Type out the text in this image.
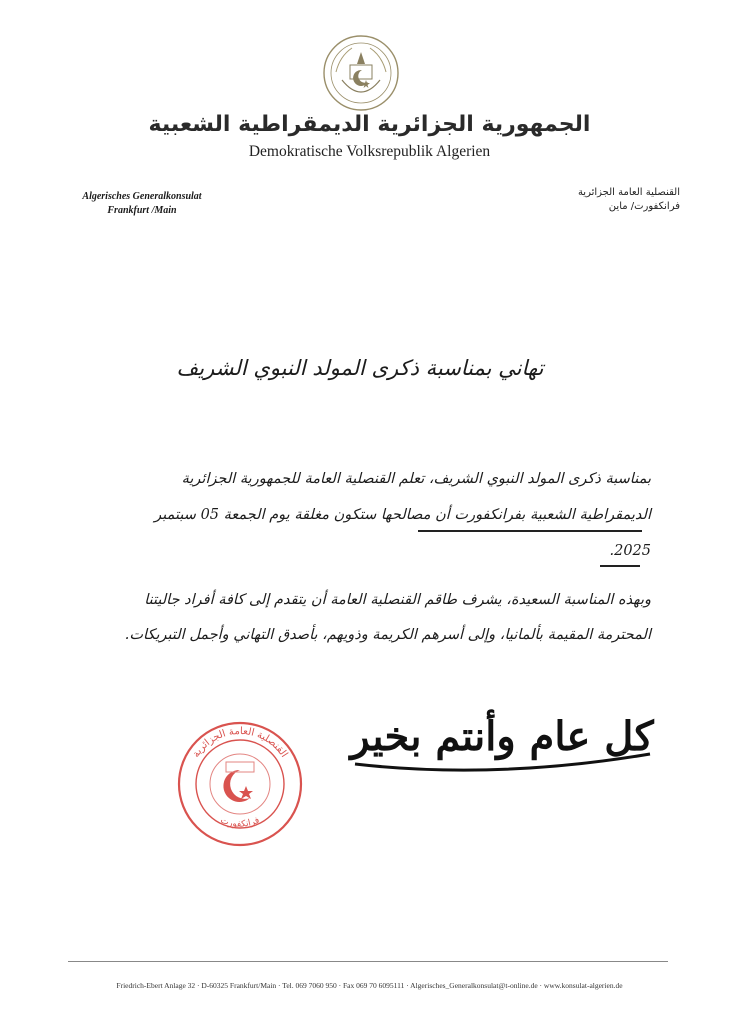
الجمهورية الجزائرية الديمقراطية الشعبية
Demokratische Volksrepublik Algerien
Algerisches Generalkonsulat
Frankfurt /Main
القنصلية العامة الجزائرية
فرانكفورت/ ماين
تهاني بمناسبة ذكرى المولد النبوي الشريف
بمناسبة ذكرى المولد النبوي الشريف، تعلم القنصلية العامة للجمهورية الجزائرية
الديمقراطية الشعبية بفرانكفورت أن مصالحها ستكون مغلقة يوم الجمعة 05 سبتمبر
2025.
وبهذه المناسبة السعيدة، يشرف طاقم القنصلية العامة أن يتقدم إلى كافة أفراد جاليتنا
المحترمة المقيمة بألمانيا، وإلى أسرهم الكريمة وذويهم، بأصدق التهاني وأجمل التبريكات.
كل عام وأنتم بخير
القنصلية العامة الجزائرية
فرانكفورت
Friedrich-Ebert Anlage 32 · D-60325 Frankfurt/Main · Tel. 069 7060 950 · Fax 069 70 6095111 · Algerisches_Generalkonsulat@t-online.de · www.konsulat-algerien.de
